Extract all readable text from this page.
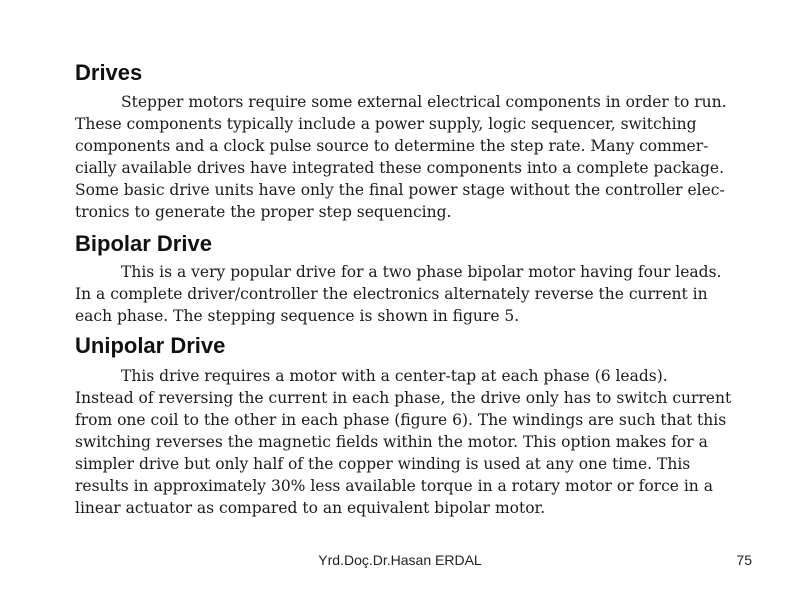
Drives

Stepper motors require some external electrical components in order to run.
These components typically include a power supply, logic sequencer, switching
components and a clock pulse source to determine the step rate. Many commer-
cially available drives have integrated these components into a complete package.
Some basic drive units have only the final power stage without the controller elec-
tronics to generate the proper step sequencing.

Bipolar Drive

This is a very popular drive for a two phase bipolar motor having four leads.
In a complete driver/controller the electronics alternately reverse the current in
each phase. The stepping sequence is shown in figure 5.

Unipolar Drive

This drive requires a motor with a center-tap at each phase (6 leads).
Instead of reversing the current in each phase, the drive only has to switch current
from one coil to the other in each phase (figure 6). The windings are such that this
switching reverses the magnetic fields within the motor. This option makes for a
simpler drive but only half of the copper winding is used at any one time. This
results in approximately 30% less available torque in a rotary motor or force in a
linear actuator as compared to an equivalent bipolar motor.

Yrd.Doç.Dr.Hasan ERDAL	75
